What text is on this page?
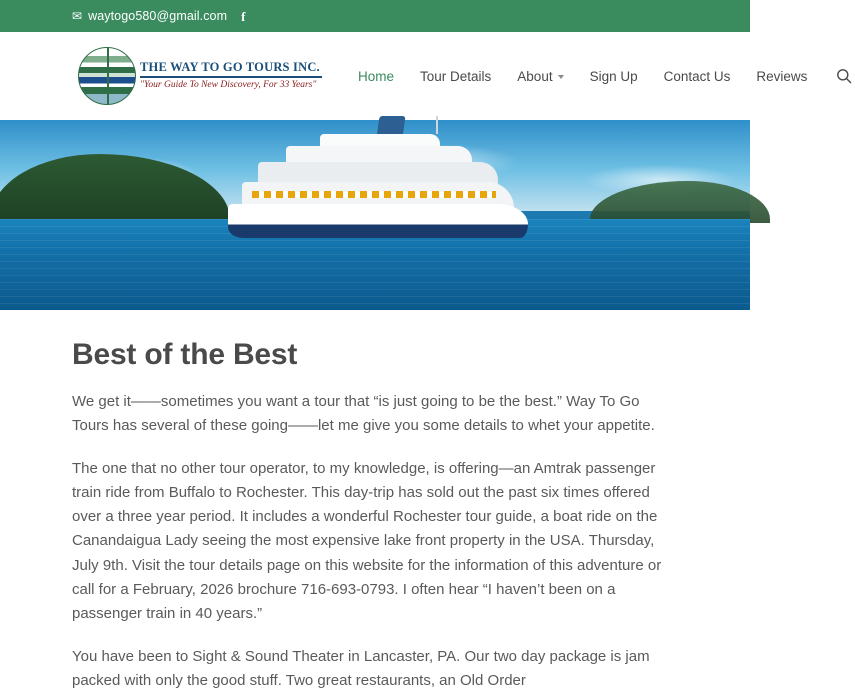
✉ waytogo580@gmail.com f
THE WAY TO GO TOURS INC.
"Your Guide To New Discovery, For 33 Years"
Home Tour Details About	Sign Up Contact Us Reviews
Best of the Best

We get it——sometimes you want a tour that “is just going to be the best.” Way To Go Tours has several of these going——let me give you some details to whet your appetite.

The one that no other tour operator, to my knowledge, is offering—an Amtrak passenger train ride from Buffalo to Rochester. This day-trip has sold out the past six times offered over a three year period. It includes a wonderful Rochester tour guide, a boat ride on the Canandaigua Lady seeing the most expensive lake front property in the USA. Thursday, July 9th. Visit the tour details page on this website for the information of this adventure or call for a February, 2026 brochure 716-693-0793. I often hear “I haven’t been on a passenger train in 40 years.”

You have been to Sight & Sound Theater in Lancaster, PA. Our two day package is jam packed with only the good stuff. Two great restaurants, an Old Order
